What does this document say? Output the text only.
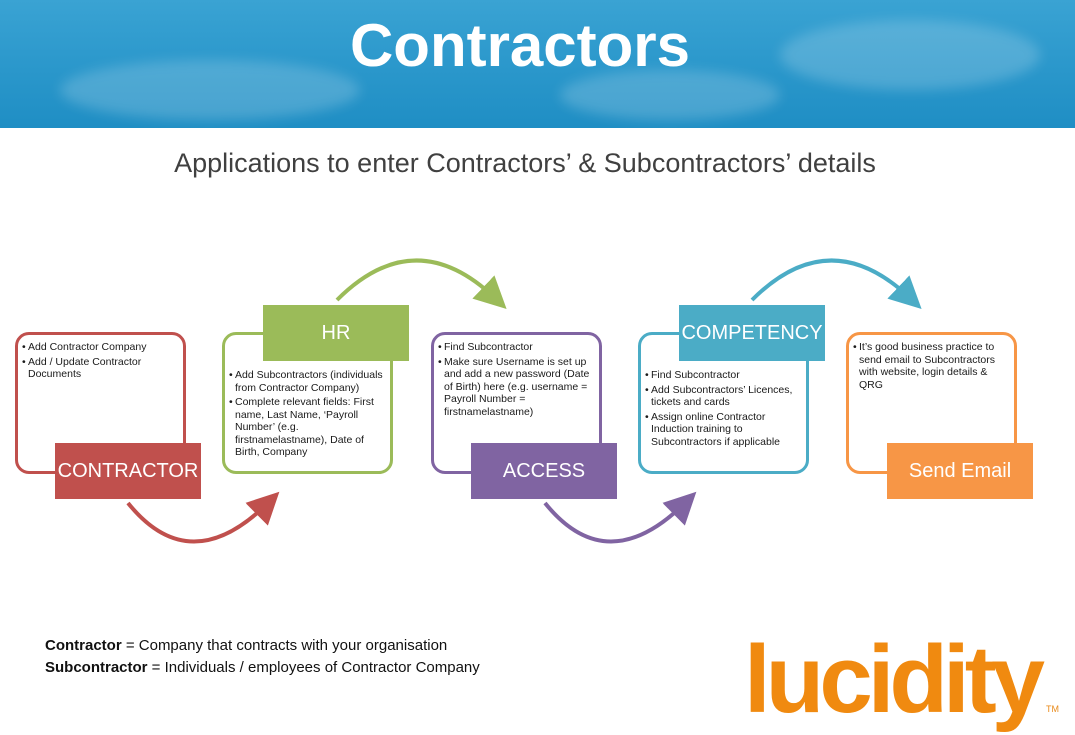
Contractors
Applications to enter Contractors’ & Subcontractors’ details
• Add Contractor Company
• Add / Update Contractor Documents
CONTRACTOR
• Add Subcontractors (individuals from Contractor Company)
• Complete relevant fields: First name, Last Name, ‘Payroll Number’ (e.g. firstnamelastname), Date of Birth, Company
HR
• Find Subcontractor
• Make sure Username is set up and add a new password (Date of Birth) here (e.g. username = Payroll Number = firstnamelastname)
ACCESS
• Find Subcontractor
• Add Subcontractors’ Licences, tickets and cards
• Assign online Contractor Induction training to Subcontractors if applicable
COMPETENCY
• It’s good business practice to send email to Subcontractors with website, login details & QRG
Send Email
Contractor = Company that contracts with your organisation
Subcontractor = Individuals / employees of Contractor Company	lucidity TM
